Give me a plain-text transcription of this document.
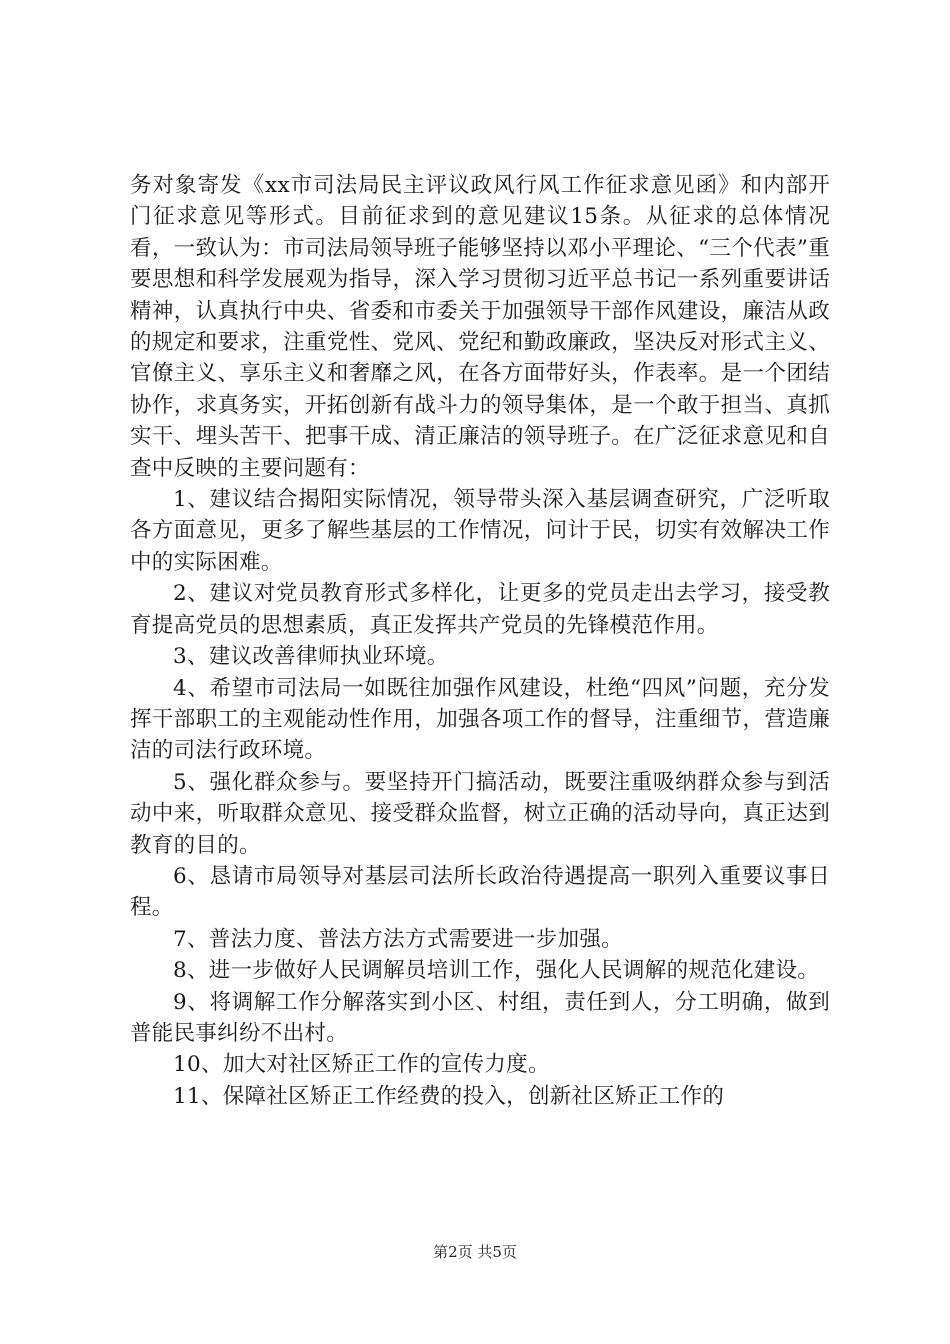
务对象寄发《xx市司法局民主评议政风行风工作征求意见函》和内部开门征求意见等形式。目前征求到的意见建议15条。从征求的总体情况看，一致认为：市司法局领导班子能够坚持以邓小平理论、“三个代表”重要思想和科学发展观为指导，深入学习贯彻习近平总书记一系列重要讲话精神，认真执行中央、省委和市委关于加强领导干部作风建设，廉洁从政的规定和要求，注重党性、党风、党纪和勤政廉政，坚决反对形式主义、官僚主义、享乐主义和奢靡之风，在各方面带好头，作表率。是一个团结协作，求真务实，开拓创新有战斗力的领导集体，是一个敢于担当、真抓实干、埋头苦干、把事干成、清正廉洁的领导班子。在广泛征求意见和自查中反映的主要问题有：

1、建议结合揭阳实际情况，领导带头深入基层调查研究，广泛听取各方面意见，更多了解些基层的工作情况，问计于民，切实有效解决工作中的实际困难。

2、建议对党员教育形式多样化，让更多的党员走出去学习，接受教育提高党员的思想素质，真正发挥共产党员的先锋模范作用。

3、建议改善律师执业环境。

4、希望市司法局一如既往加强作风建设，杜绝“四风”问题，充分发挥干部职工的主观能动性作用，加强各项工作的督导，注重细节，营造廉洁的司法行政环境。

5、强化群众参与。要坚持开门搞活动，既要注重吸纳群众参与到活动中来，听取群众意见、接受群众监督，树立正确的活动导向，真正达到教育的目的。

6、恳请市局领导对基层司法所长政治待遇提高一职列入重要议事日程。

7、普法力度、普法方法方式需要进一步加强。

8、进一步做好人民调解员培训工作，强化人民调解的规范化建设。

9、将调解工作分解落实到小区、村组，责任到人，分工明确，做到普能民事纠纷不出村。

10、加大对社区矫正工作的宣传力度。

11、保障社区矫正工作经费的投入，创新社区矫正工作的

第2页 共5页
